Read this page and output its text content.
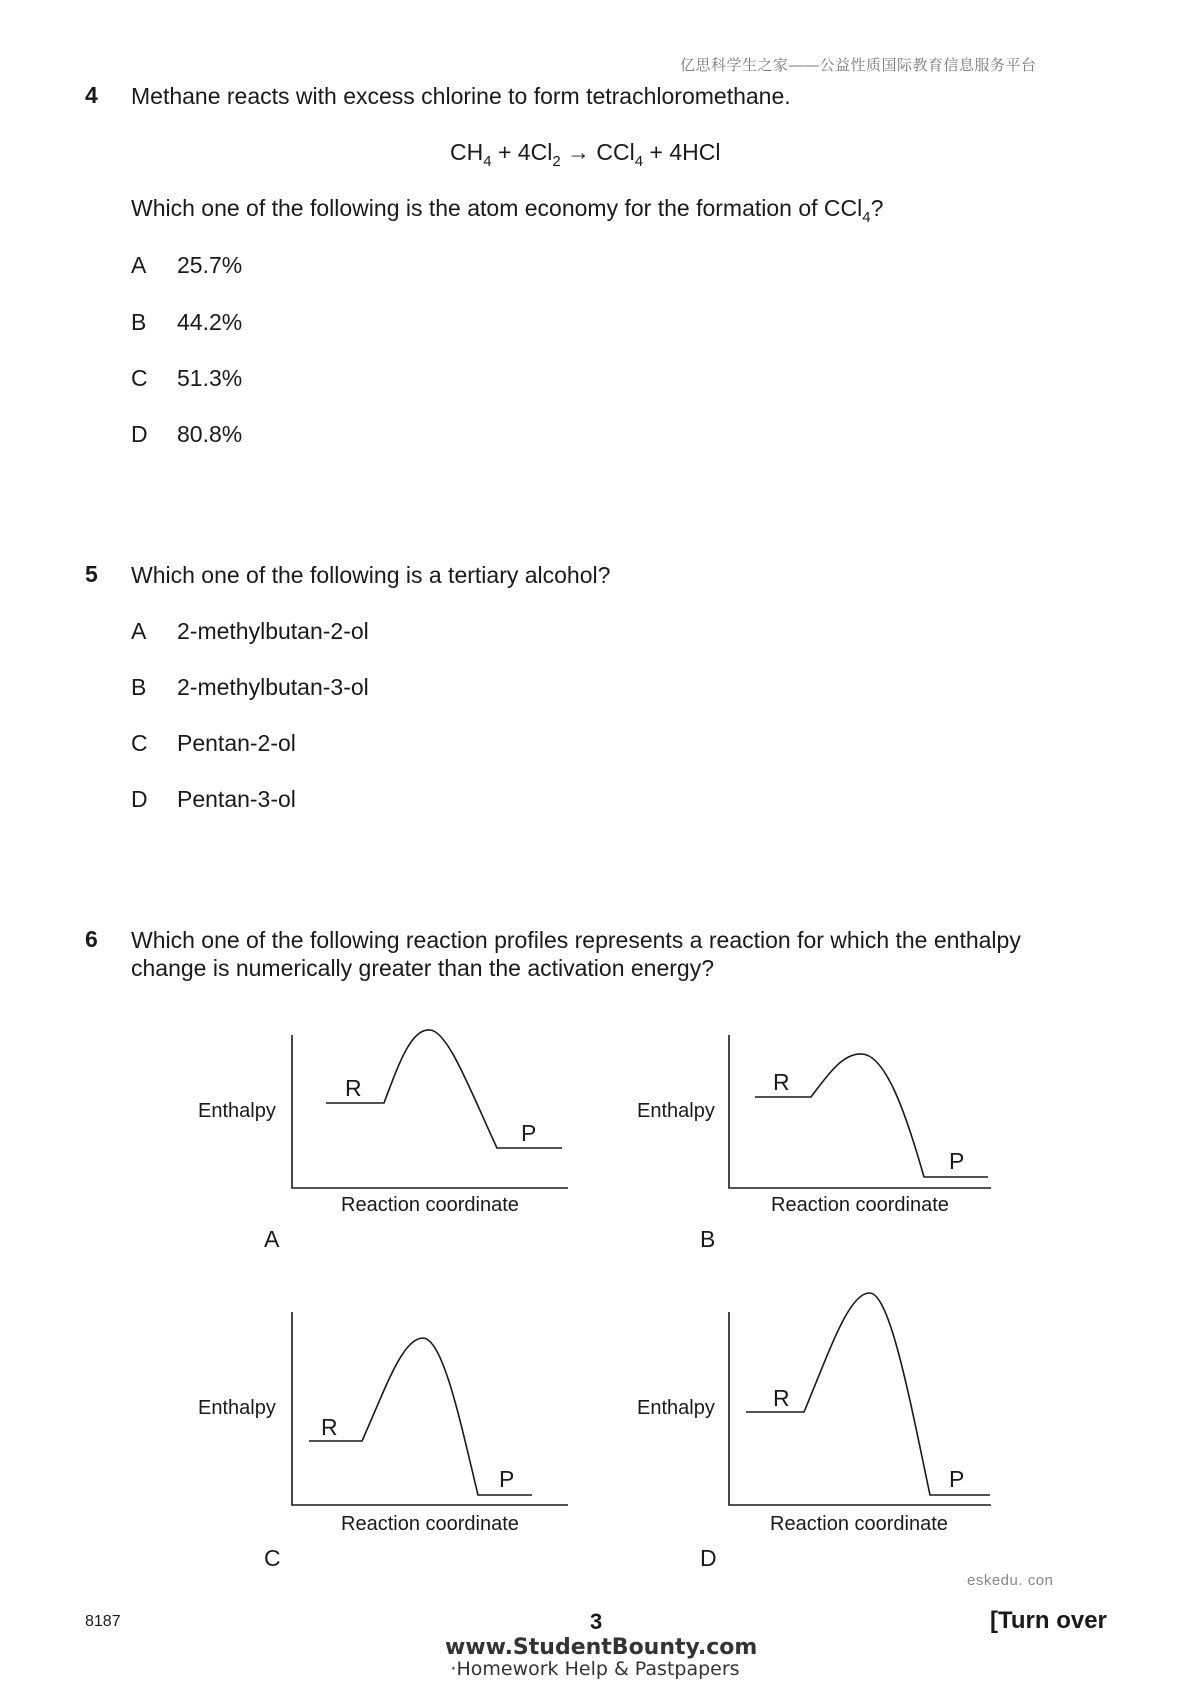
亿思科学生之家——公益性质国际教育信息服务平台
4 Methane reacts with excess chlorine to form tetrachloromethane.
$CH_4 + 4Cl_2 \to CCl_4 + 4HCl$
Which one of the following is the atom economy for the formation of CCl$_4$?
A 25.7%
B 44.2%
C 51.3%
D 80.8%
5 Which one of the following is a tertiary alcohol?
A 2-methylbutan-2-ol
B 2-methylbutan-3-ol
C Pentan-2-ol
D Pentan-3-ol
6 Which one of the following reaction profiles represents a reaction for which the enthalpy
change is numerically greater than the activation energy?
Enthalpy
R
P
Reaction coordinate
A
Enthalpy
R
P
Reaction coordinate
B
Enthalpy
R
P
Reaction coordinate
C
Enthalpy	R
P
Reaction coordinate
D
eskedu. con
8187	3	[Turn over
www.StudentBounty.com
·Homework Help & Pastpapers
